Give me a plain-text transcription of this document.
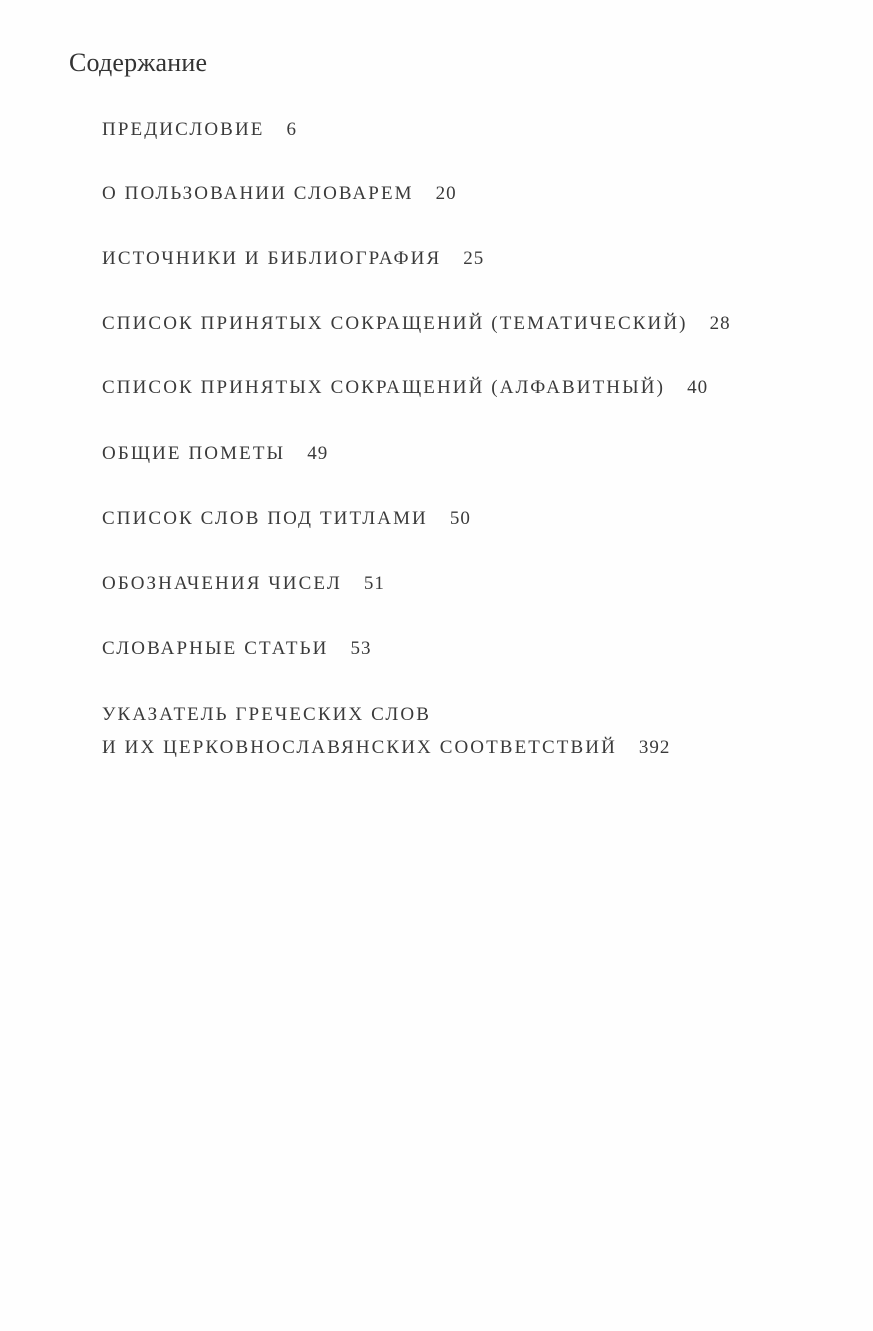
Содержание
ПРЕДИСЛОВИЕ 6
О ПОЛЬЗОВАНИИ СЛОВАРЕМ 20
ИСТОЧНИКИ И БИБЛИОГРАФИЯ 25
СПИСОК ПРИНЯТЫХ СОКРАЩЕНИЙ (ТЕМАТИЧЕСКИЙ) 28
СПИСОК ПРИНЯТЫХ СОКРАЩЕНИЙ (АЛФАВИТНЫЙ) 40
ОБЩИЕ ПОМЕТЫ 49
СПИСОК СЛОВ ПОД ТИТЛАМИ 50
ОБОЗНАЧЕНИЯ ЧИСЕЛ 51
СЛОВАРНЫЕ СТАТЬИ 53
УКАЗАТЕЛЬ ГРЕЧЕСКИХ СЛОВ
И ИХ ЦЕРКОВНОСЛАВЯНСКИХ СООТВЕТСТВИЙ 392
